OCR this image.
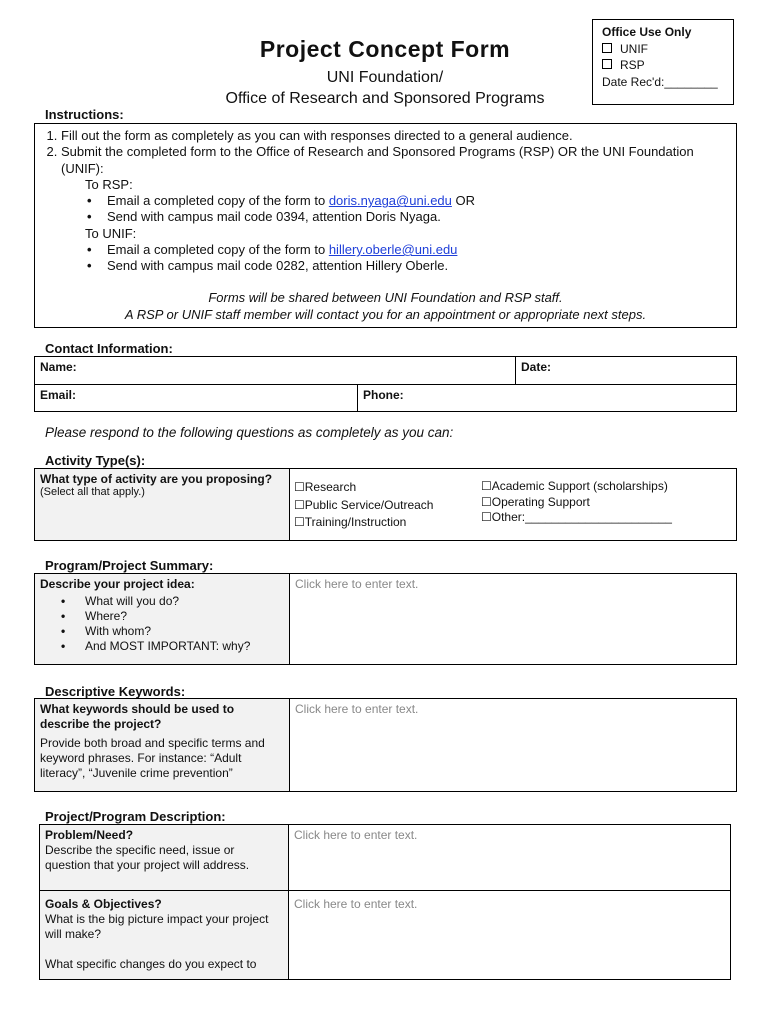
Office Use Only
UNIF
RSP
Date Rec'd:________
Project Concept Form
UNI Foundation/
Office of Research and Sponsored Programs
Instructions:
1. Fill out the form as completely as you can with responses directed to a general audience.
2. Submit the completed form to the Office of Research and Sponsored Programs (RSP) OR the UNI Foundation (UNIF):
To RSP:
• Email a completed copy of the form to doris.nyaga@uni.edu OR
• Send with campus mail code 0394, attention Doris Nyaga.
To UNIF:
• Email a completed copy of the form to hillery.oberle@uni.edu
• Send with campus mail code 0282, attention Hillery Oberle.
Forms will be shared between UNI Foundation and RSP staff.
A RSP or UNIF staff member will contact you for an appointment or appropriate next steps.
Contact Information:
Name:		Date:
Email:	Phone:	
Please respond to the following questions as completely as you can:
Activity Type(s):
What type of activity are you proposing?
(Select all that apply.)	☐Research
☐Public Service/Outreach
☐Training/Instruction
☐Academic Support (scholarships)
☐Operating Support
☐Other:______________________
Program/Project Summary:
Describe your project idea:
• What will you do?
• Where?
• With whom?
• And MOST IMPORTANT: why?
	Click here to enter text.
Descriptive Keywords:
What keywords should be used to describe the project?
Provide both broad and specific terms and keyword phrases. For instance: “Adult literacy”, “Juvenile crime prevention”
	Click here to enter text.
Project/Program Description:
Problem/Need?
Describe the specific need, issue or question that your project will address.	Click here to enter text.

Goals & Objectives?
What is the big picture impact your project will make?
What specific changes do you expect to	Click here to enter text.
